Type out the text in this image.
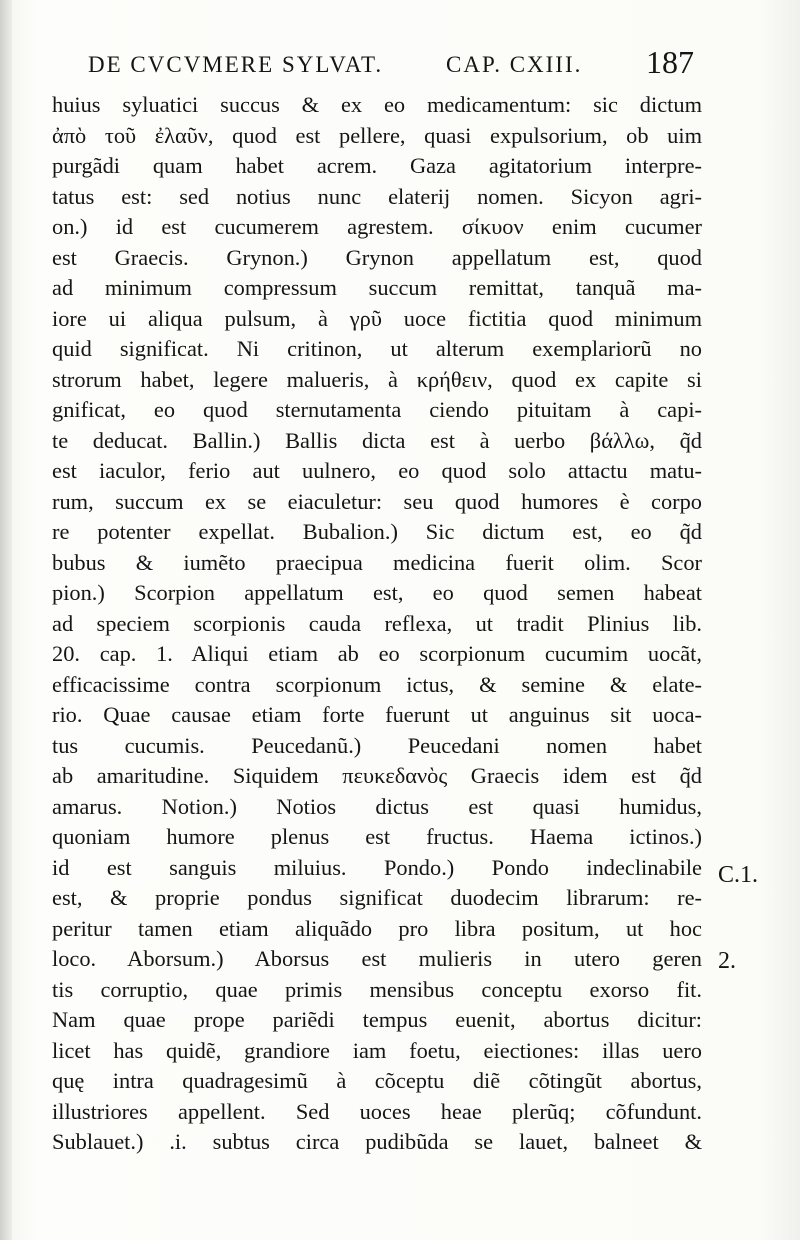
DE CVCVMERE SYLVAT.	CAP. CXIII. 187
huius syluatici succus & ex eo medicamentum: sic dictum
ἀπὸ τοῦ ἐλαῦν, quod est pellere, quasi expulsorium, ob uim
purgãdi quam habet acrem. Gaza agitatorium interpre-
tatus est: sed notius nunc elaterij nomen. Sicyon agri-
on.) id est cucumerem agrestem. σίκυον enim cucumer
est Graecis. Grynon.) Grynon appellatum est, quod
ad minimum compressum succum remittat, tanquã ma-
iore ui aliqua pulsum, à γρῦ uoce fictitia quod minimum
quid significat. Ni critinon, ut alterum exemplariorũ no
strorum habet, legere malueris, à κρήθειν, quod ex capite si
gnificat, eo quod sternutamenta ciendo pituitam à capi-
te deducat. Ballin.) Ballis dicta est à uerbo βάλλω, q̃d
est iaculor, ferio aut uulnero, eo quod solo attactu matu-
rum, succum ex se eiaculetur: seu quod humores è corpo
re potenter expellat. Bubalion.) Sic dictum est, eo q̃d
bubus & iumẽto praecipua medicina fuerit olim. Scor
pion.) Scorpion appellatum est, eo quod semen habeat
ad speciem scorpionis cauda reflexa, ut tradit Plinius lib.
20. cap. 1. Aliqui etiam ab eo scorpionum cucumim uocãt,
efficacissime contra scorpionum ictus, & semine & elate-
rio. Quae causae etiam forte fuerunt ut anguinus sit uoca-
tus cucumis. Peucedanũ.) Peucedani nomen habet
ab amaritudine. Siquidem πευκεδανὸς Graecis idem est q̃d
amarus. Notion.) Notios dictus est quasi humidus,
quoniam humore plenus est fructus. Haema ictinos.)
id est sanguis miluius. Pondo.) Pondo indeclinabile
est, & proprie pondus significat duodecim librarum: re-
peritur tamen etiam aliquãdo pro libra positum, ut hoc
loco. Aborsum.) Aborsus est mulieris in utero geren
tis corruptio, quae primis mensibus conceptu exorso fit.
Nam quae prope pariẽdi tempus euenit, abortus dicitur:
licet has quidẽ, grandiore iam foetu, eiectiones: illas uero
quę intra quadragesimũ à cõceptu diẽ cõtingũt abortus,
illustriores appellent. Sed uoces heae plerũq; cõfundunt.
Sublauet.) .i. subtus circa pudibũda se lauet, balneet &
C.1.
2.
